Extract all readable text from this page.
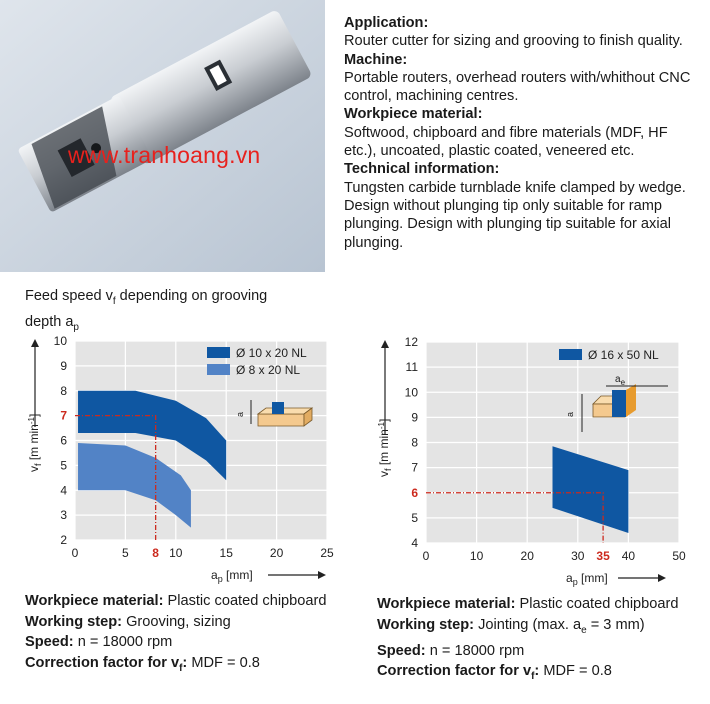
www.tranhoang.vn
Application:
Router cutter for sizing and grooving to finish quality.
Machine:
Portable routers, overhead routers with/whithout CNC control, machining centres.
Workpiece material:
Softwood, chipboard and fibre materials (MDF, HF etc.), uncoated, plastic coated, veneered etc.
Technical information:
Tungsten carbide turnblade knife clamped by wedge. Design without plunging tip only suitable for ramp plunging. Design with plunging tip suitable for axial plunging.
Feed speed $v_f$ depending on grooving
depth $a_p$
2
3
4
5
6
7
8
9
10
0	5	10	15	20	25
8
$v_f$ [m $\min^{-1}$]
$a_p$ [mm]
Ø 10 x 20 NL
Ø 8 x 20 NL
a
4
5
6
7
8
9
10
11
12
0	10	20	30	40	50
35
$v_f$ [m $\min^{-1}$]
$a_p$ [mm]
Ø 16 x 50 NL
$a_e$
a
Workpiece material: Plastic coated chipboard
Working step: Grooving, sizing
Speed: n = 18000 rpm
Correction factor for $v_f$: MDF = 0.8
Workpiece material: Plastic coated chipboard
Working step: Jointing (max. $a_e = 3$ mm)
Speed: n = 18000 rpm
Correction factor for $v_f$: MDF = 0.8
